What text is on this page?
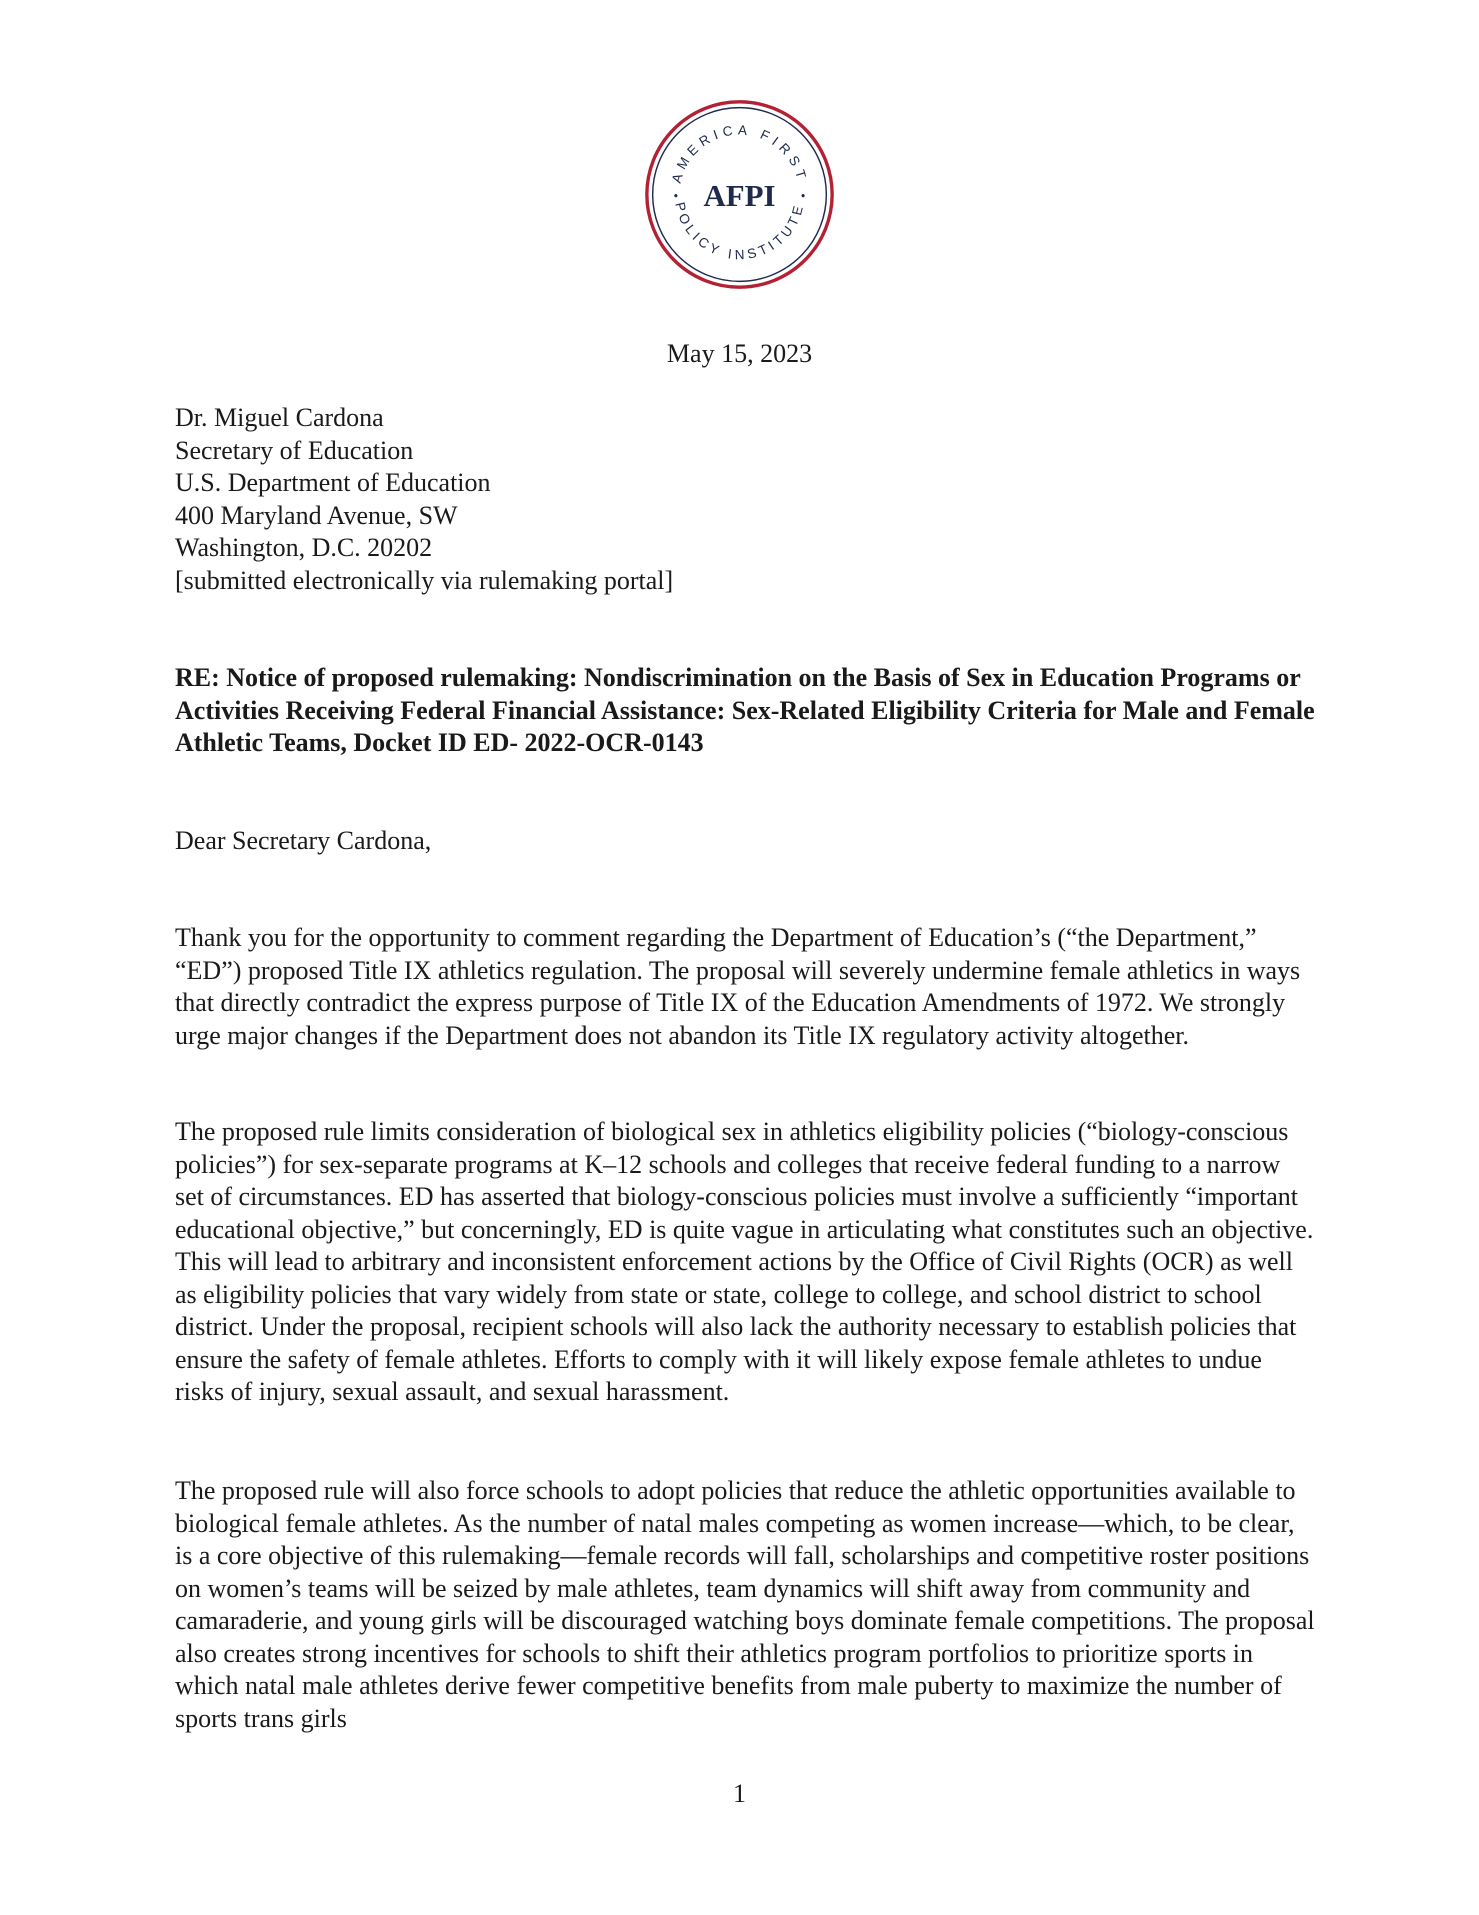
AMERICA FIRST
POLICY INSTITUTE
•	•
AFPI
May 15, 2023
Dr. Miguel Cardona
Secretary of Education
U.S. Department of Education
400 Maryland Avenue, SW
Washington, D.C. 20202
[submitted electronically via rulemaking portal]
RE: Notice of proposed rulemaking: Nondiscrimination on the Basis of Sex in Education Programs or Activities Receiving Federal Financial Assistance: Sex-Related Eligibility Criteria for Male and Female Athletic Teams, Docket ID ED- 2022-OCR-0143
Dear Secretary Cardona,

Thank you for the opportunity to comment regarding the Department of Education’s (“the Department,” “ED”) proposed Title IX athletics regulation. The proposal will severely undermine female athletics in ways that directly contradict the express purpose of Title IX of the Education Amendments of 1972. We strongly urge major changes if the Department does not abandon its Title IX regulatory activity altogether.

The proposed rule limits consideration of biological sex in athletics eligibility policies (“biology-conscious policies”) for sex-separate programs at K–12 schools and colleges that receive federal funding to a narrow set of circumstances. ED has asserted that biology-conscious policies must involve a sufficiently “important educational objective,” but concerningly, ED is quite vague in articulating what constitutes such an objective. This will lead to arbitrary and inconsistent enforcement actions by the Office of Civil Rights (OCR) as well as eligibility policies that vary widely from state or state, college to college, and school district to school district. Under the proposal, recipient schools will also lack the authority necessary to establish policies that ensure the safety of female athletes. Efforts to comply with it will likely expose female athletes to undue risks of injury, sexual assault, and sexual harassment.

The proposed rule will also force schools to adopt policies that reduce the athletic opportunities available to biological female athletes. As the number of natal males competing as women increase—which, to be clear, is a core objective of this rulemaking—female records will fall, scholarships and competitive roster positions on women’s teams will be seized by male athletes, team dynamics will shift away from community and camaraderie, and young girls will be discouraged watching boys dominate female competitions. The proposal also creates strong incentives for schools to shift their athletics program portfolios to prioritize sports in which natal male athletes derive fewer competitive benefits from male puberty to maximize the number of sports trans girls

1
